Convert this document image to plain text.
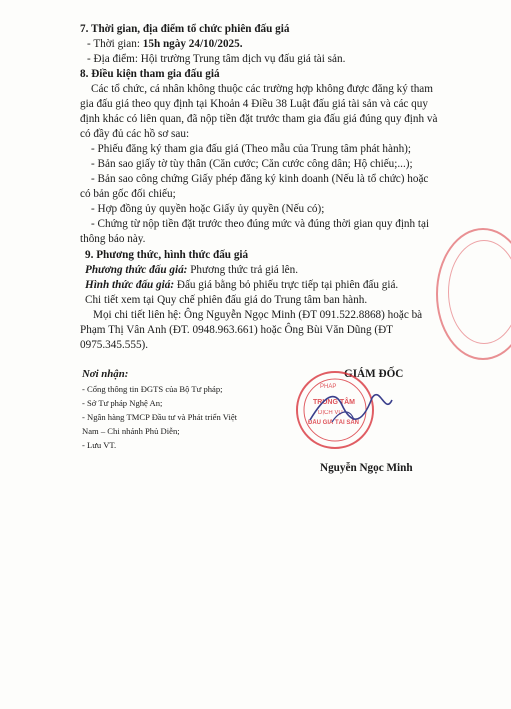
7. Thời gian, địa điểm tổ chức phiên đấu giá
- Thời gian: 15h ngày 24/10/2025.
- Địa điểm: Hội trường Trung tâm dịch vụ đấu giá tài sản.
8. Điều kiện tham gia đấu giá
Các tổ chức, cá nhân không thuộc các trường hợp không được đăng ký tham
gia đấu giá theo quy định tại Khoản 4 Điều 38 Luật đấu giá tài sản và các quy
định khác có liên quan, đã nộp tiền đặt trước tham gia đấu giá đúng quy định và
có đầy đủ các hồ sơ sau:
- Phiếu đăng ký tham gia đấu giá (Theo mẫu của Trung tâm phát hành);
- Bản sao giấy tờ tùy thân (Căn cước; Căn cước công dân; Hộ chiếu;...);
- Bản sao công chứng Giấy phép đăng ký kinh doanh (Nếu là tổ chức) hoặc
có bản gốc đối chiếu;
- Hợp đồng ủy quyền hoặc Giấy ủy quyền (Nếu có);
- Chứng từ nộp tiền đặt trước theo đúng mức và đúng thời gian quy định tại
thông báo này.
9. Phương thức, hình thức đấu giá
Phương thức đấu giá: Phương thức trả giá lên.
Hình thức đấu giá: Đấu giá bằng bỏ phiếu trực tiếp tại phiên đấu giá.
Chi tiết xem tại Quy chế phiên đấu giá do Trung tâm ban hành.
Mọi chi tiết liên hệ: Ông Nguyễn Ngọc Minh (ĐT 091.522.8868) hoặc bà
Phạm Thị Vân Anh (ĐT. 0948.963.661) hoặc Ông Bùi Văn Dũng (ĐT
0975.345.555).
Nơi nhận:
- Cổng thông tin ĐGTS của Bộ Tư pháp;
- Sở Tư pháp Nghệ An;
- Ngân hàng TMCP Đầu tư và Phát triển Việt
Nam – Chi nhánh Phủ Diễn;
- Lưu VT.
GIÁM ĐỐC
PHÁP
TRUNG TÂM
DỊCH VỤ
ĐẤU GIÁ TÀI SẢN
Nguyễn Ngọc Minh
